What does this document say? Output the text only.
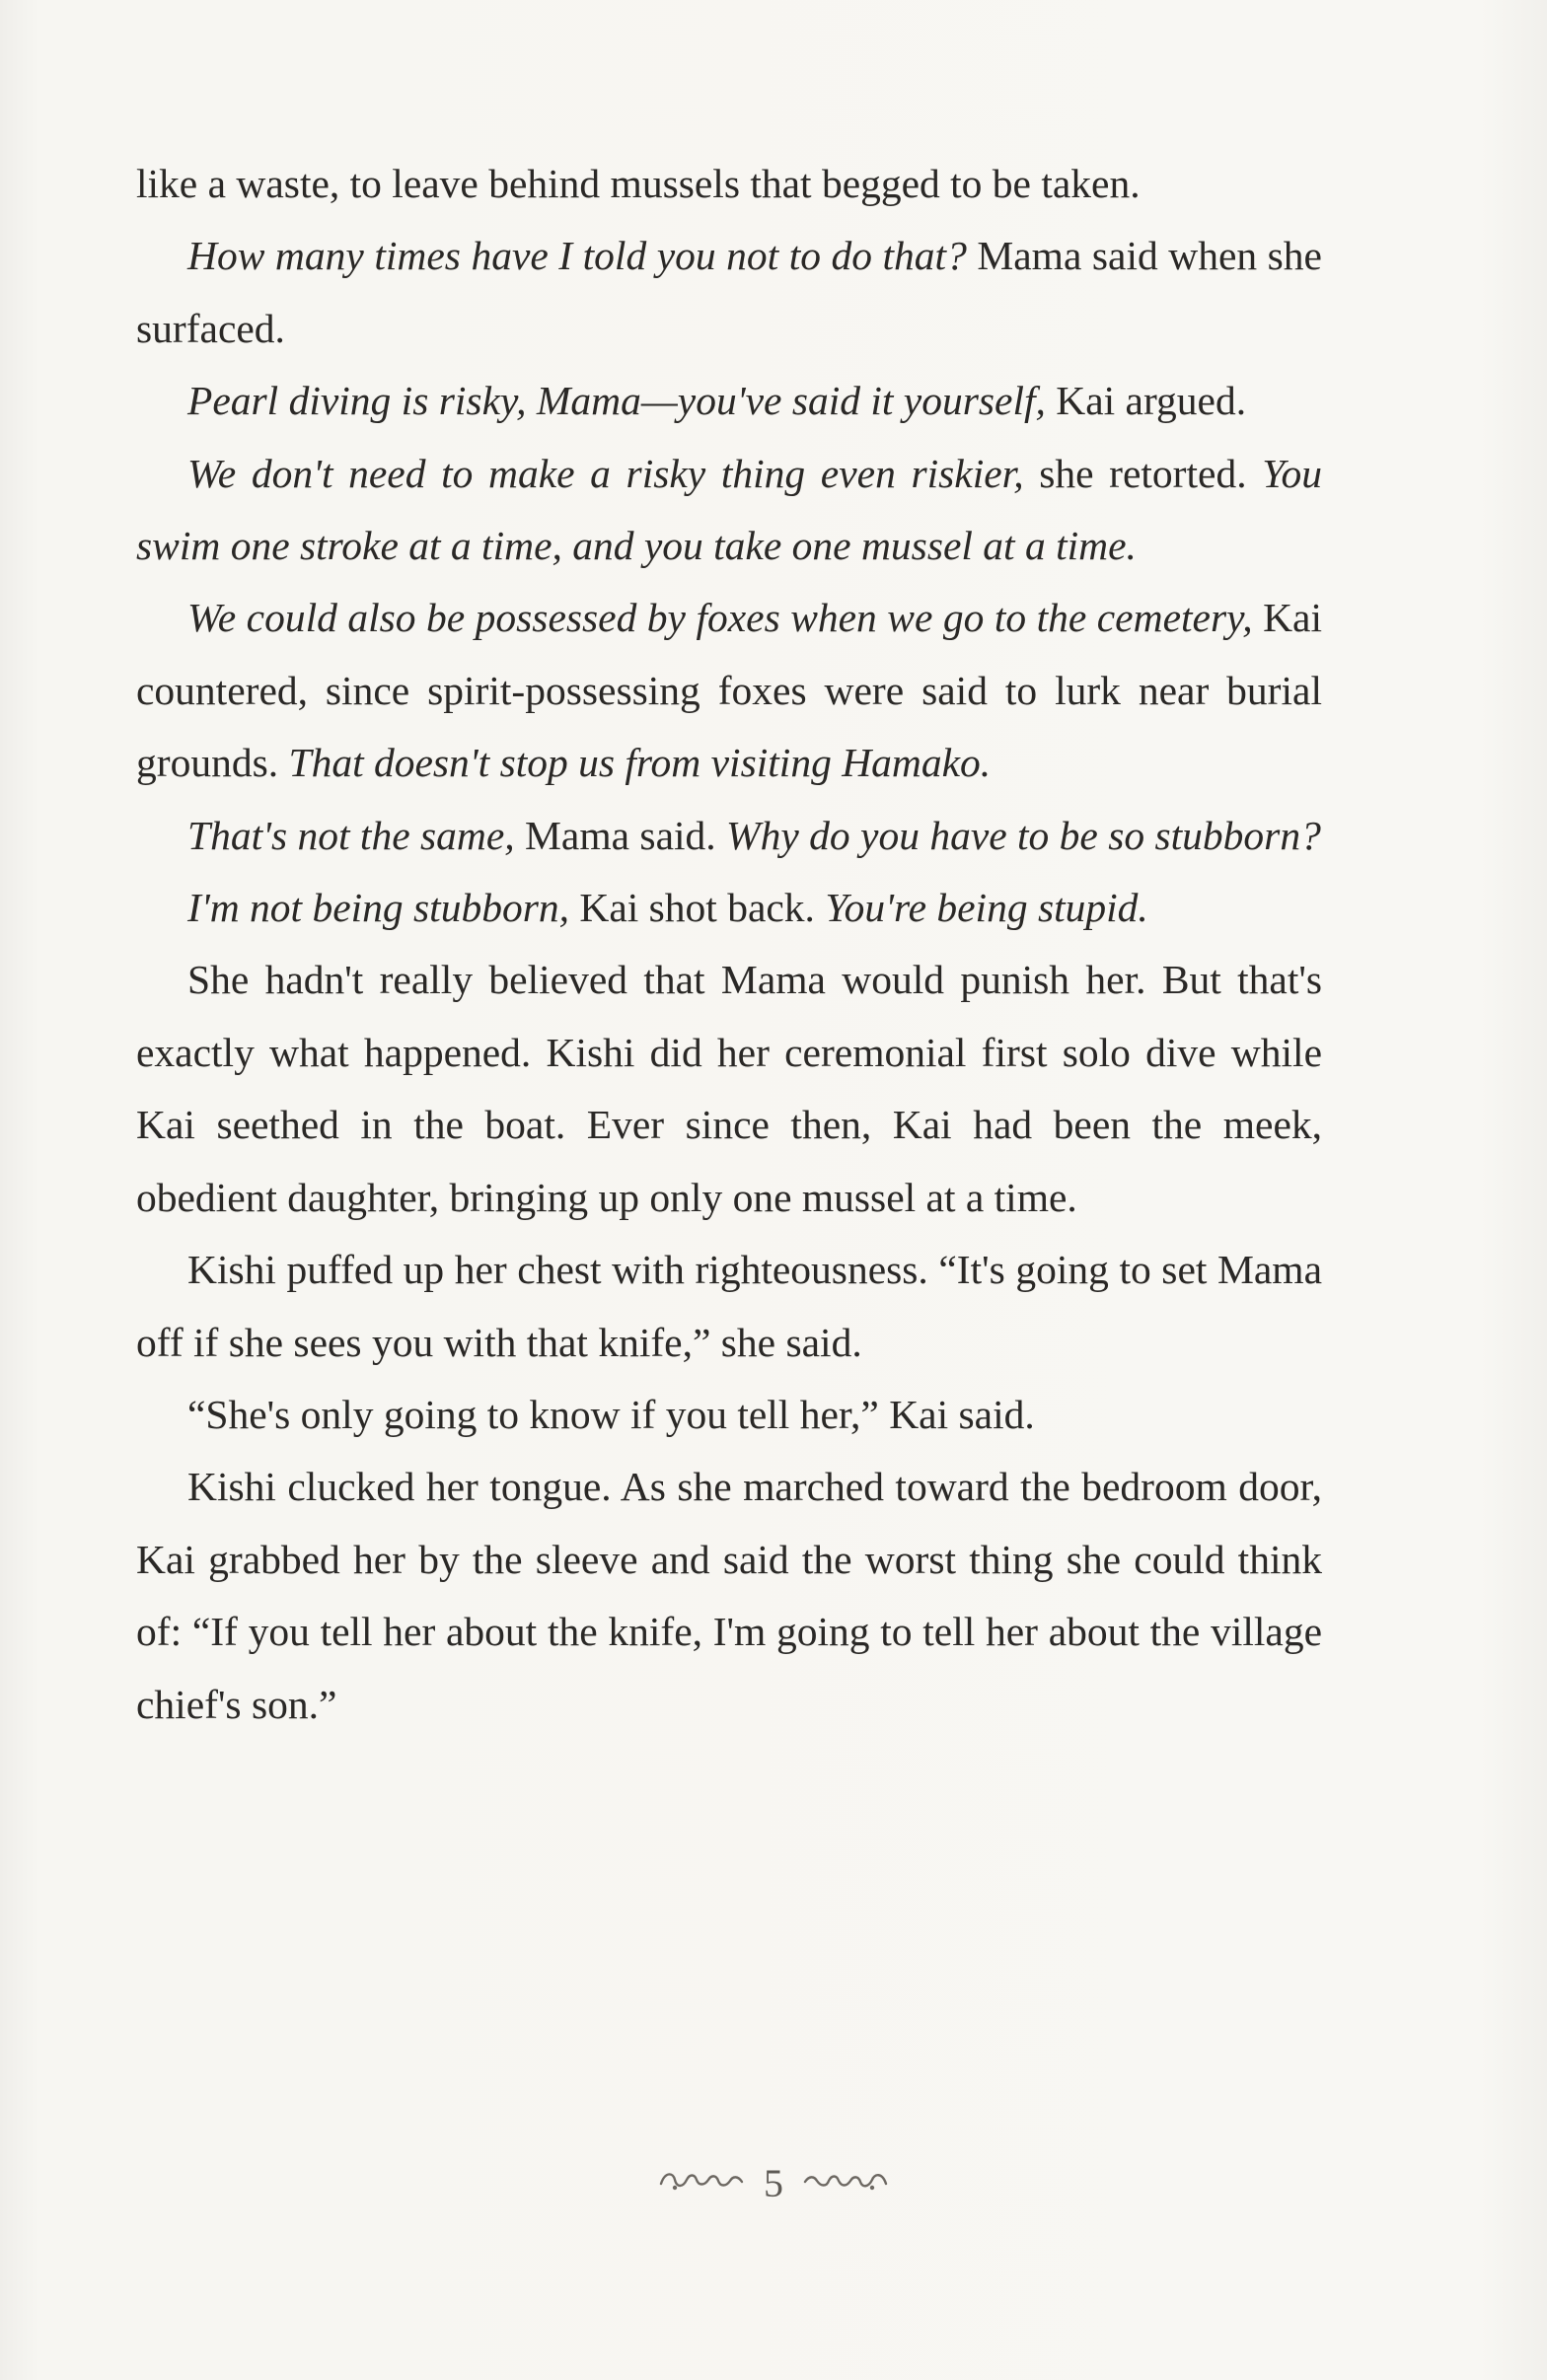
like a waste, to leave behind mussels that begged to be taken.

How many times have I told you not to do that? Mama said when she surfaced.

Pearl diving is risky, Mama—you've said it yourself, Kai argued.

We don't need to make a risky thing even riskier, she retorted. You swim one stroke at a time, and you take one mussel at a time.

We could also be possessed by foxes when we go to the cemetery, Kai countered, since spirit-possessing foxes were said to lurk near burial grounds. That doesn't stop us from visiting Hamako.

That's not the same, Mama said. Why do you have to be so stubborn?

I'm not being stubborn, Kai shot back. You're being stupid.

She hadn't really believed that Mama would punish her. But that's exactly what happened. Kishi did her ceremonial first solo dive while Kai seethed in the boat. Ever since then, Kai had been the meek, obedient daughter, bringing up only one mussel at a time.

Kishi puffed up her chest with righteousness. “It's going to set Mama off if she sees you with that knife,” she said.

“She's only going to know if you tell her,” Kai said.

Kishi clucked her tongue. As she marched toward the bedroom door, Kai grabbed her by the sleeve and said the worst thing she could think of: “If you tell her about the knife, I'm going to tell her about the village chief's son.”

5
